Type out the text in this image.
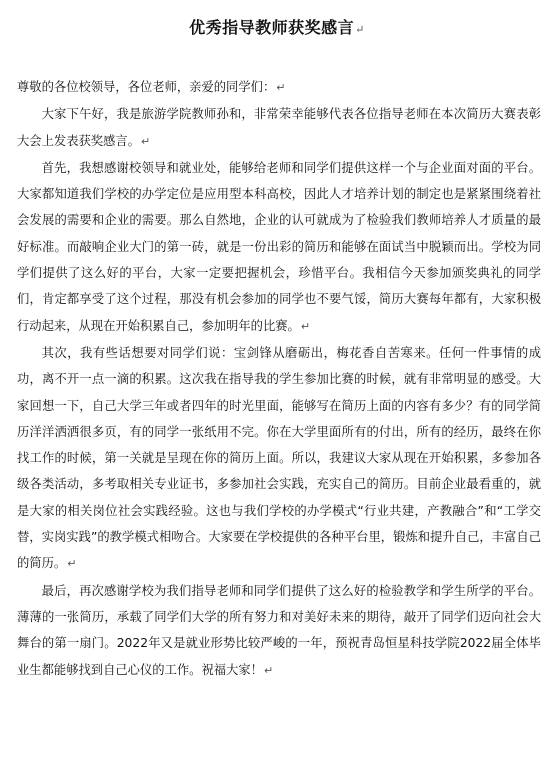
优秀指导教师获奖感言↵

尊敬的各位校领导，各位老师，亲爱的同学们：↵

大家下午好，我是旅游学院教师孙和，非常荣幸能够代表各位指导老师在本次简历大赛表彰大会上发表获奖感言。↵

首先，我想感谢校领导和就业处，能够给老师和同学们提供这样一个与企业面对面的平台。大家都知道我们学校的办学定位是应用型本科高校，因此人才培养计划的制定也是紧紧围绕着社会发展的需要和企业的需要。那么自然地，企业的认可就成为了检验我们教师培养人才质量的最好标准。而敲响企业大门的第一砖，就是一份出彩的简历和能够在面试当中脱颖而出。学校为同学们提供了这么好的平台，大家一定要把握机会，珍惜平台。我相信今天参加颁奖典礼的同学们，肯定都享受了这个过程，那没有机会参加的同学也不要气馁，简历大赛每年都有，大家积极行动起来，从现在开始积累自己，参加明年的比赛。↵

其次，我有些话想要对同学们说：宝剑锋从磨砺出，梅花香自苦寒来。任何一件事情的成功，离不开一点一滴的积累。这次我在指导我的学生参加比赛的时候，就有非常明显的感受。大家回想一下，自己大学三年或者四年的时光里面，能够写在简历上面的内容有多少？有的同学简历洋洋洒洒很多页，有的同学一张纸用不完。你在大学里面所有的付出，所有的经历，最终在你找工作的时候，第一关就是呈现在你的简历上面。所以，我建议大家从现在开始积累，多参加各级各类活动，多考取相关专业证书，多参加社会实践，充实自己的简历。目前企业最看重的，就是大家的相关岗位社会实践经验。这也与我们学校的办学模式“行业共建，产教融合”和“工学交替，实岗实践”的教学模式相吻合。大家要在学校提供的各种平台里，锻炼和提升自己，丰富自己的简历。↵

最后，再次感谢学校为我们指导老师和同学们提供了这么好的检验教学和学生所学的平台。薄薄的一张简历，承载了同学们大学的所有努力和对美好未来的期待，敲开了同学们迈向社会大舞台的第一扇门。2022年又是就业形势比较严峻的一年，预祝青岛恒星科技学院2022届全体毕业生都能够找到自己心仪的工作。祝福大家！↵
